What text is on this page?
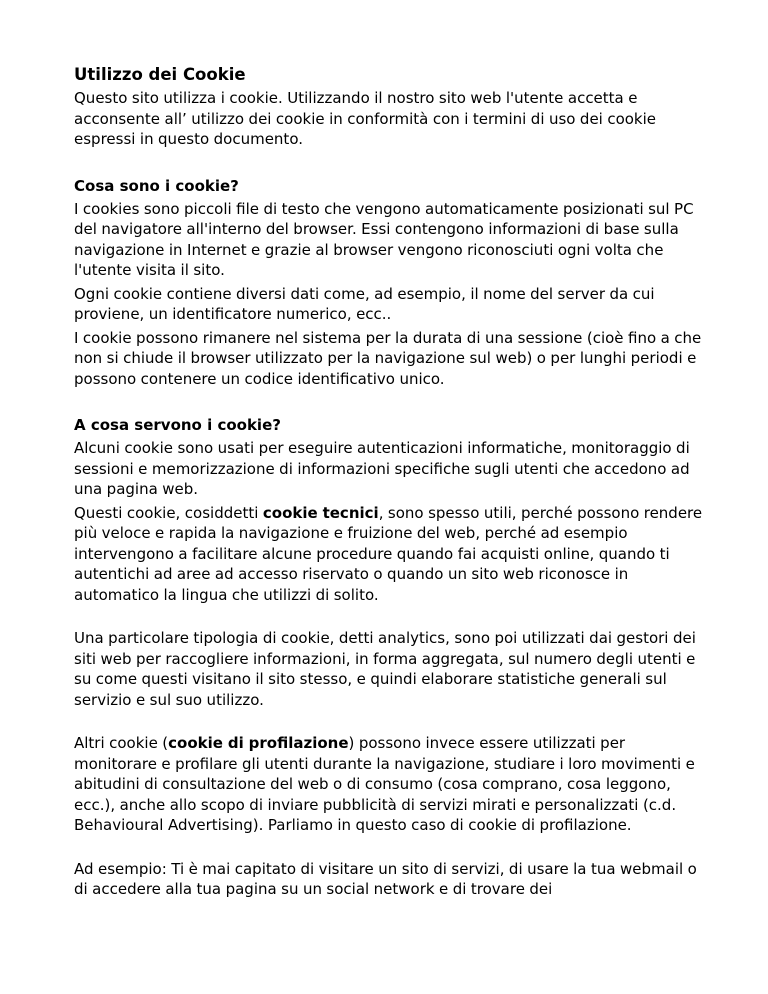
Utilizzo dei Cookie

Questo sito utilizza i cookie. Utilizzando il nostro sito web l'utente accetta e acconsente all’ utilizzo dei cookie in conformità con i termini di uso dei cookie espressi in questo documento.

Cosa sono i cookie?

I cookies sono piccoli file di testo che vengono automaticamente posizionati sul PC del navigatore all'interno del browser. Essi contengono informazioni di base sulla navigazione in Internet e grazie al browser vengono riconosciuti ogni volta che l'utente visita il sito.

Ogni cookie contiene diversi dati come, ad esempio, il nome del server da cui proviene, un identificatore numerico, ecc..

I cookie possono rimanere nel sistema per la durata di una sessione (cioè fino a che non si chiude il browser utilizzato per la navigazione sul web) o per lunghi periodi e possono contenere un codice identificativo unico.

A cosa servono i cookie?

Alcuni cookie sono usati per eseguire autenticazioni informatiche, monitoraggio di sessioni e memorizzazione di informazioni specifiche sugli utenti che accedono ad una pagina web.

Questi cookie, cosiddetti cookie tecnici, sono spesso utili, perché possono rendere più veloce e rapida la navigazione e fruizione del web, perché ad esempio intervengono a facilitare alcune procedure quando fai acquisti online, quando ti autentichi ad aree ad accesso riservato o quando un sito web riconosce in automatico la lingua che utilizzi di solito.

Una particolare tipologia di cookie, detti analytics, sono poi utilizzati dai gestori dei siti web per raccogliere informazioni, in forma aggregata, sul numero degli utenti e su come questi visitano il sito stesso, e quindi elaborare statistiche generali sul servizio e sul suo utilizzo.

Altri cookie (cookie di profilazione) possono invece essere utilizzati per monitorare e profilare gli utenti durante la navigazione, studiare i loro movimenti e abitudini di consultazione del web o di consumo (cosa comprano, cosa leggono, ecc.), anche allo scopo di inviare pubblicità di servizi mirati e personalizzati (c.d. Behavioural Advertising). Parliamo in questo caso di cookie di profilazione.

Ad esempio: Ti è mai capitato di visitare un sito di servizi, di usare la tua webmail o di accedere alla tua pagina su un social network e di trovare dei
